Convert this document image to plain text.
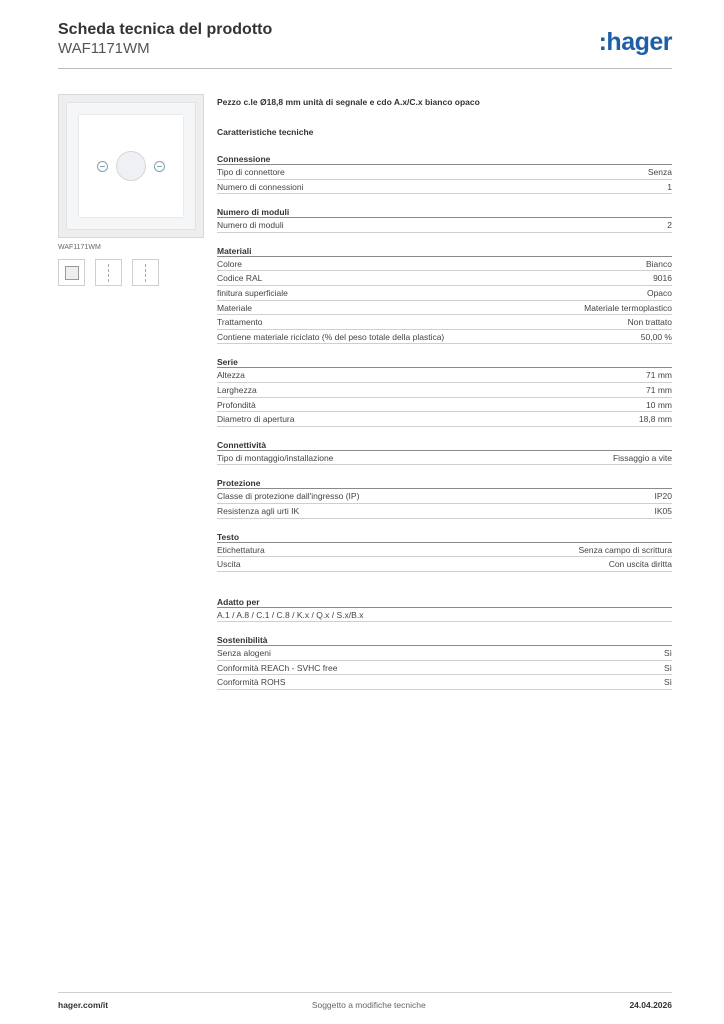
Scheda tecnica del prodotto
WAF1171WM	:hager
WAF1171WM
Pezzo c.le Ø18,8 mm unità di segnale e cdo A.x/C.x bianco opaco
Caratteristiche tecniche
Connessione
Tipo di connettore	Senza
Numero di connessioni	1
Numero di moduli
Numero di moduli	2
Materiali
Colore	Bianco
Codice RAL	9016
finitura superficiale	Opaco
Materiale	Materiale termoplastico
Trattamento	Non trattato
Contiene materiale riciclato (% del peso totale della plastica)	50,00 %
Serie
Altezza	71 mm
Larghezza	71 mm
Profondità	10 mm
Diametro di apertura	18,8 mm
Connettività
Tipo di montaggio/installazione	Fissaggio a vite
Protezione
Classe di protezione dall'ingresso (IP)	IP20
Resistenza agli urti IK	IK05
Testo
Etichettatura	Senza campo di scrittura
Uscita	Con uscita diritta
Adatto per
A.1 / A.8 / C.1 / C.8 / K.x / Q.x / S.x/B.x
Sostenibilità
Senza alogeni	Sì
Conformità REACh - SVHC free	Sì
Conformità ROHS	Sì
hager.com/it	Soggetto a modifiche tecniche	24.04.2026
